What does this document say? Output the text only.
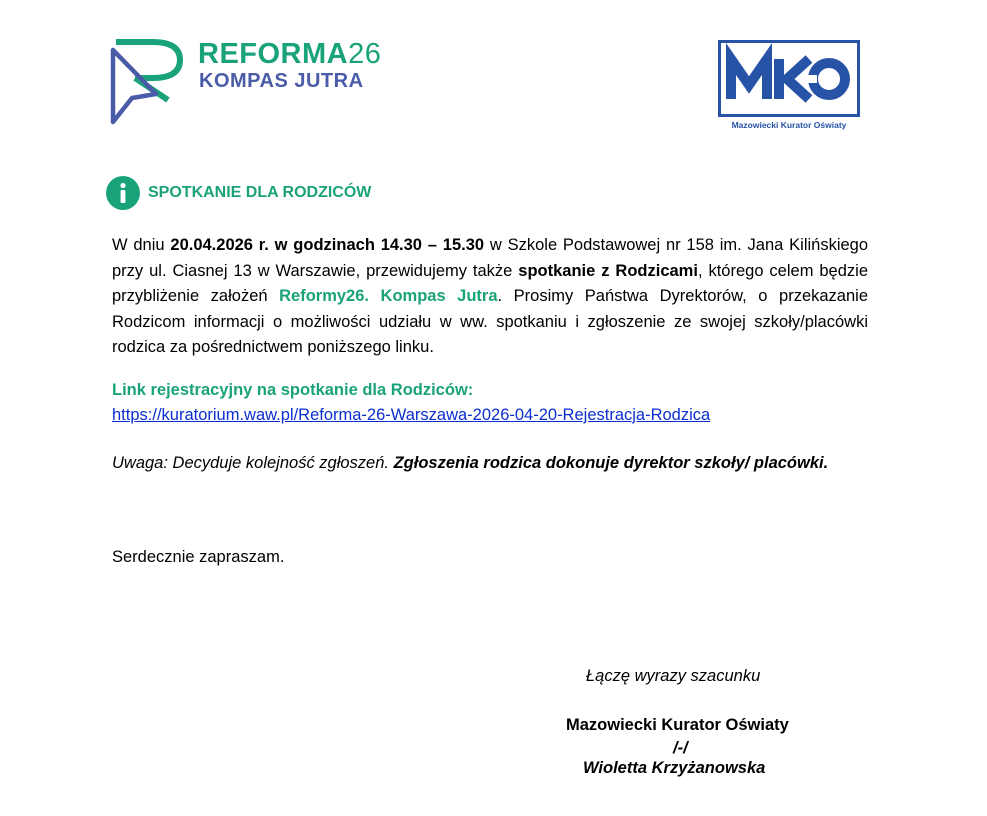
REFORMA26
KOMPAS JUTRA
Mazowiecki Kurator Oświaty
SPOTKANIE DLA RODZICÓW
W dniu 20.04.2026 r. w godzinach 14.30 – 15.30 w Szkole Podstawowej nr 158 im. Jana Kilińskiego przy ul. Ciasnej 13 w Warszawie, przewidujemy także spotkanie z Rodzicami, którego celem będzie przybliżenie założeń Reformy26. Kompas Jutra. Prosimy Państwa Dyrektorów, o przekazanie Rodzicom informacji o możliwości udziału w ww. spotkaniu i zgłoszenie ze swojej szkoły/placówki rodzica za pośrednictwem poniższego linku.
Link rejestracyjny na spotkanie dla Rodziców:
https://kuratorium.waw.pl/Reforma-26-Warszawa-2026-04-20-Rejestracja-Rodzica
Uwaga: Decyduje kolejność zgłoszeń. Zgłoszenia rodzica dokonuje dyrektor szkoły/ placówki.
Serdecznie zapraszam.
Łączę wyrazy szacunku
Mazowiecki Kurator Oświaty
/-/
Wioletta Krzyżanowska
